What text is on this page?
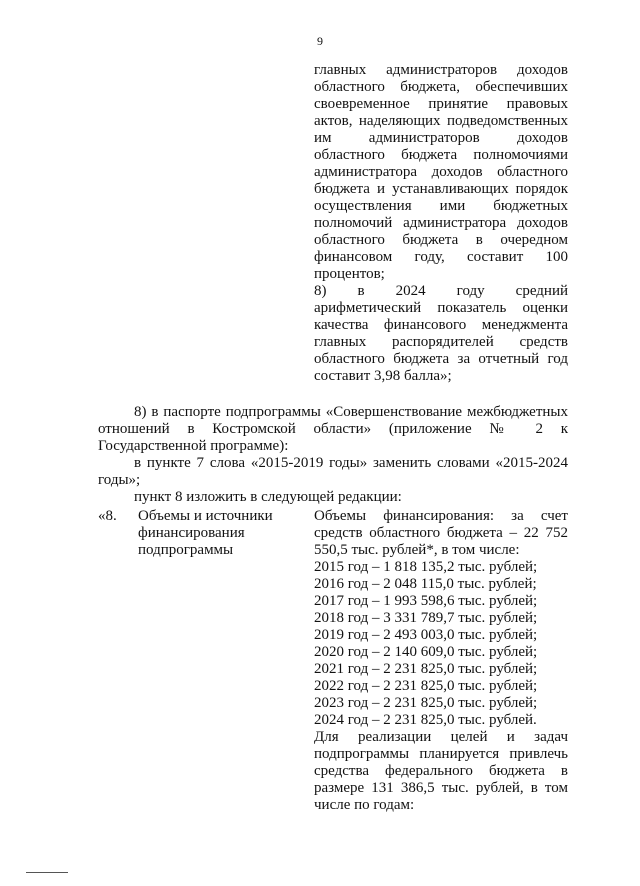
9

главных администраторов доходов областного бюджета, обеспечивших своевременное принятие правовых актов, наделяющих подведомственных им администраторов доходов областного бюджета полномочиями администратора доходов областного бюджета и устанавливающих порядок осуществления ими бюджетных полномочий администратора доходов областного бюджета в очередном финансовом году, составит 100 процентов;

8) в 2024 году средний арифметический показатель оценки качества финансового менеджмента главных распорядителей средств областного бюджета за отчетный год составит 3,98 балла»;

8) в паспорте подпрограммы «Совершенствование межбюджетных отношений в Костромской области» (приложение № 2 к Государственной программе):

в пункте 7 слова «2015-2019 годы» заменить словами «2015-2024 годы»;

пункт 8 изложить в следующей редакции:

«8. Объемы и источники финансирования подпрограммы

Объемы финансирования: за счет средств областного бюджета – 22 752 550,5 тыс. рублей*, в том числе:

2015 год – 1 818 135,2 тыс. рублей;

2016 год – 2 048 115,0 тыс. рублей;

2017 год – 1 993 598,6 тыс. рублей;

2018 год – 3 331 789,7 тыс. рублей;

2019 год – 2 493 003,0 тыс. рублей;

2020 год – 2 140 609,0 тыс. рублей;

2021 год – 2 231 825,0 тыс. рублей;

2022 год – 2 231 825,0 тыс. рублей;

2023 год – 2 231 825,0 тыс. рублей;

2024 год – 2 231 825,0 тыс. рублей.

Для реализации целей и задач подпрограммы планируется привлечь средства федерального бюджета в размере 131 386,5 тыс. рублей, в том числе по годам:
